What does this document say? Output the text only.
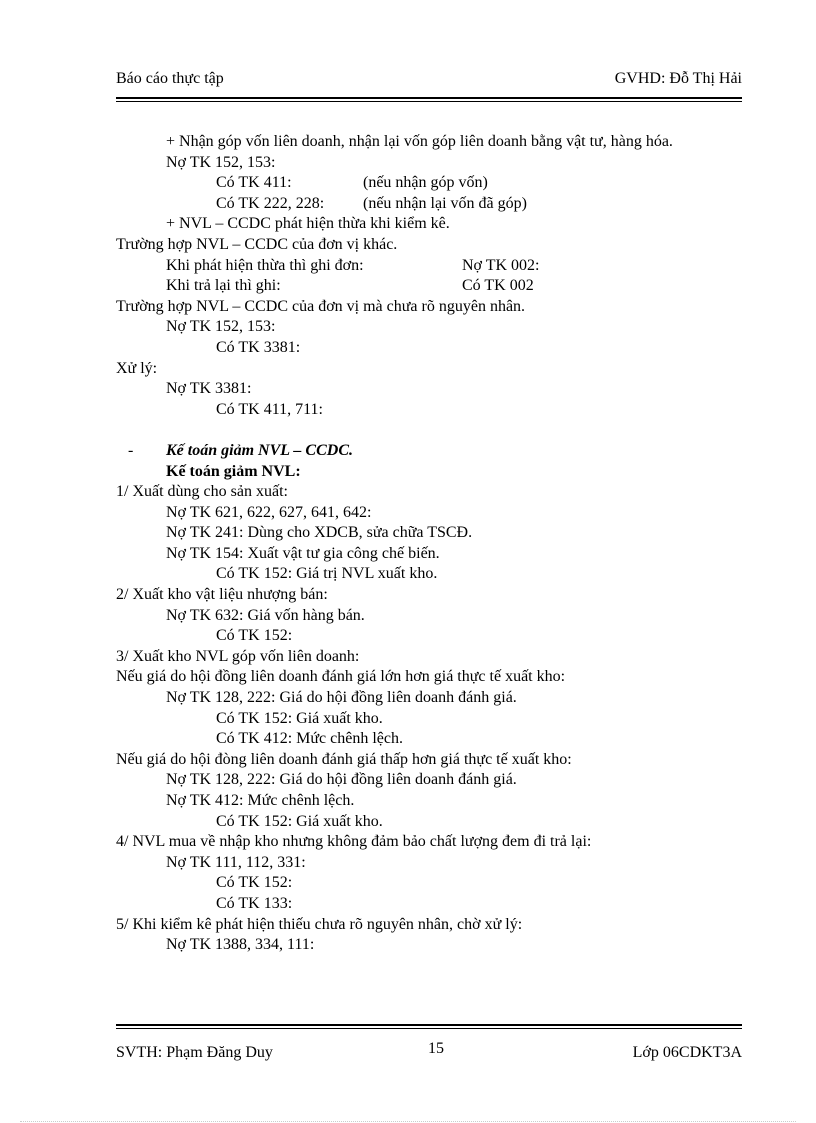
Báo cáo thực tập	GVHD: Đỗ Thị Hải
+ Nhận góp vốn liên doanh, nhận lại vốn góp liên doanh bằng vật tư, hàng hóa.
Nợ TK 152, 153:
Có TK 411:	(nếu nhận góp vốn)
Có TK 222, 228: (nếu nhận lại vốn đã góp)
+ NVL – CCDC phát hiện thừa khi kiểm kê.
Trường hợp NVL – CCDC của đơn vị khác.
Khi phát hiện thừa thì ghi đơn:	Nợ TK 002:
Khi trả lại thì ghi:	Có TK 002
Trường hợp NVL – CCDC của đơn vị mà chưa rõ nguyên nhân.
Nợ TK 152, 153:
Có TK 3381:
Xử lý:
Nợ TK 3381:
Có TK 411, 711:
- Kế toán giảm NVL – CCDC.
Kế toán giảm NVL:
1/ Xuất dùng cho sản xuất:
Nợ TK 621, 622, 627, 641, 642:
Nợ TK 241: Dùng cho XDCB, sửa chữa TSCĐ.
Nợ TK 154: Xuất vật tư gia công chế biến.
Có TK 152: Giá trị NVL xuất kho.
2/ Xuất kho vật liệu nhượng bán:
Nợ TK 632: Giá vốn hàng bán.
Có TK 152:
3/ Xuất kho NVL góp vốn liên doanh:
Nếu giá do hội đồng liên doanh đánh giá lớn hơn giá thực tế xuất kho:
Nợ TK 128, 222: Giá do hội đồng liên doanh đánh giá.
Có TK 152: Giá xuất kho.
Có TK 412: Mức chênh lệch.
Nếu giá do hội đòng liên doanh đánh giá thấp hơn giá thực tế xuất kho:
Nợ TK 128, 222: Giá do hội đồng liên doanh đánh giá.
Nợ TK 412: Mức chênh lệch.
Có TK 152: Giá xuất kho.
4/ NVL mua về nhập kho nhưng không đảm bảo chất lượng đem đi trả lại:
Nợ TK 111, 112, 331:
Có TK 152:
Có TK 133:
5/ Khi kiểm kê phát hiện thiếu chưa rõ nguyên nhân, chờ xử lý:
Nợ TK 1388, 334, 111:
SVTH: Phạm Đăng Duy	15	Lớp 06CDKT3A
